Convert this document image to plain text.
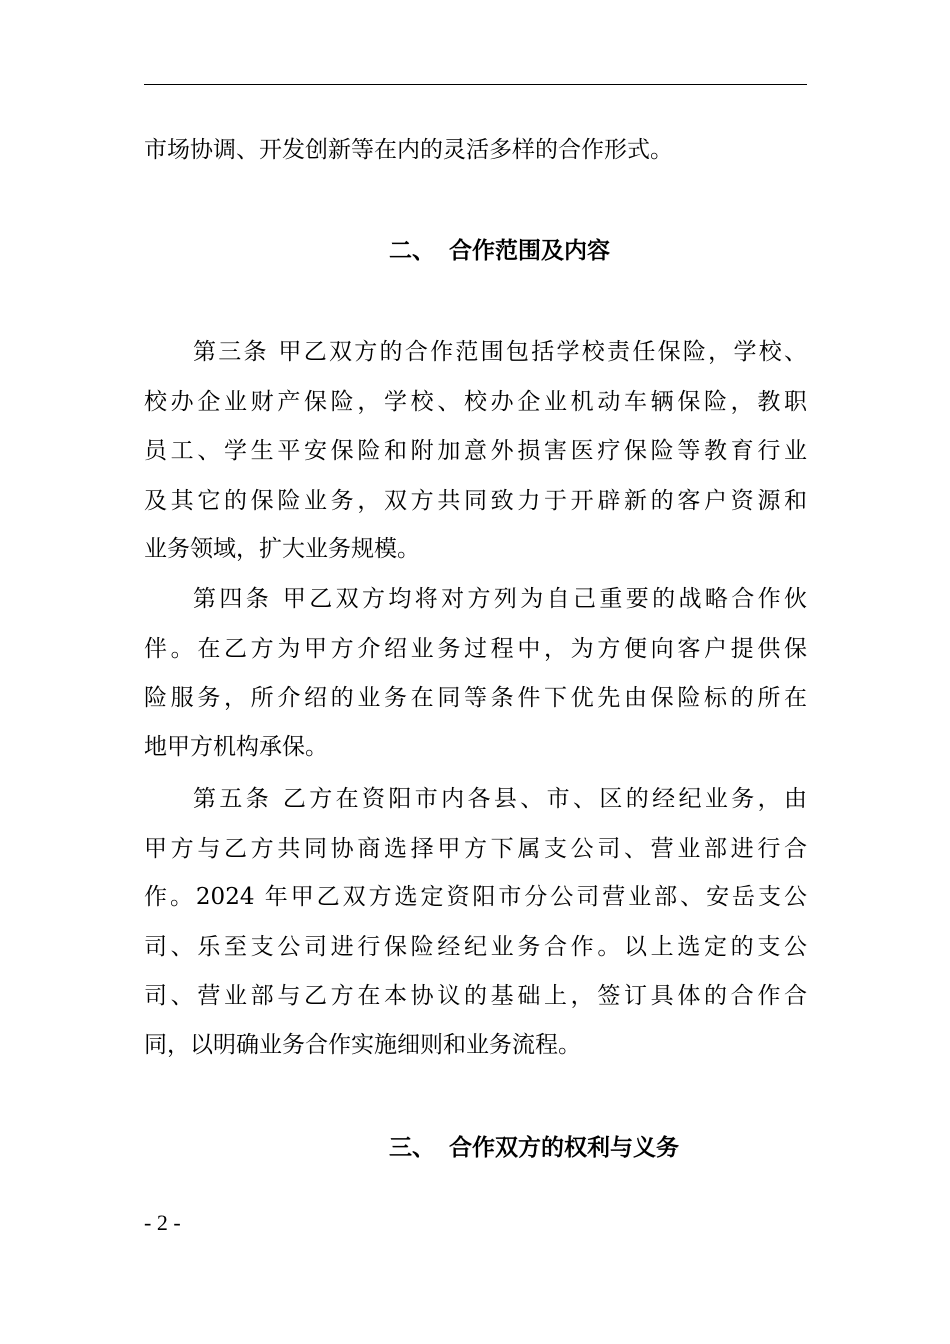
市场协调、开发创新等在内的灵活多样的合作形式。
二、 合作范围及内容
第三条 甲乙双方的合作范围包括学校责任保险，学校、
校办企业财产保险，学校、校办企业机动车辆保险，教职
员工、学生平安保险和附加意外损害医疗保险等教育行业
及其它的保险业务，双方共同致力于开辟新的客户资源和
业务领域，扩大业务规模。
第四条 甲乙双方均将对方列为自己重要的战略合作伙
伴。在乙方为甲方介绍业务过程中，为方便向客户提供保
险服务，所介绍的业务在同等条件下优先由保险标的所在
地甲方机构承保。
第五条 乙方在资阳市内各县、市、区的经纪业务，由
甲方与乙方共同协商选择甲方下属支公司、营业部进行合
作。2024 年甲乙双方选定资阳市分公司营业部、安岳支公
司、乐至支公司进行保险经纪业务合作。以上选定的支公
司、营业部与乙方在本协议的基础上，签订具体的合作合
同，以明确业务合作实施细则和业务流程。
三、 合作双方的权利与义务
- 2 -
